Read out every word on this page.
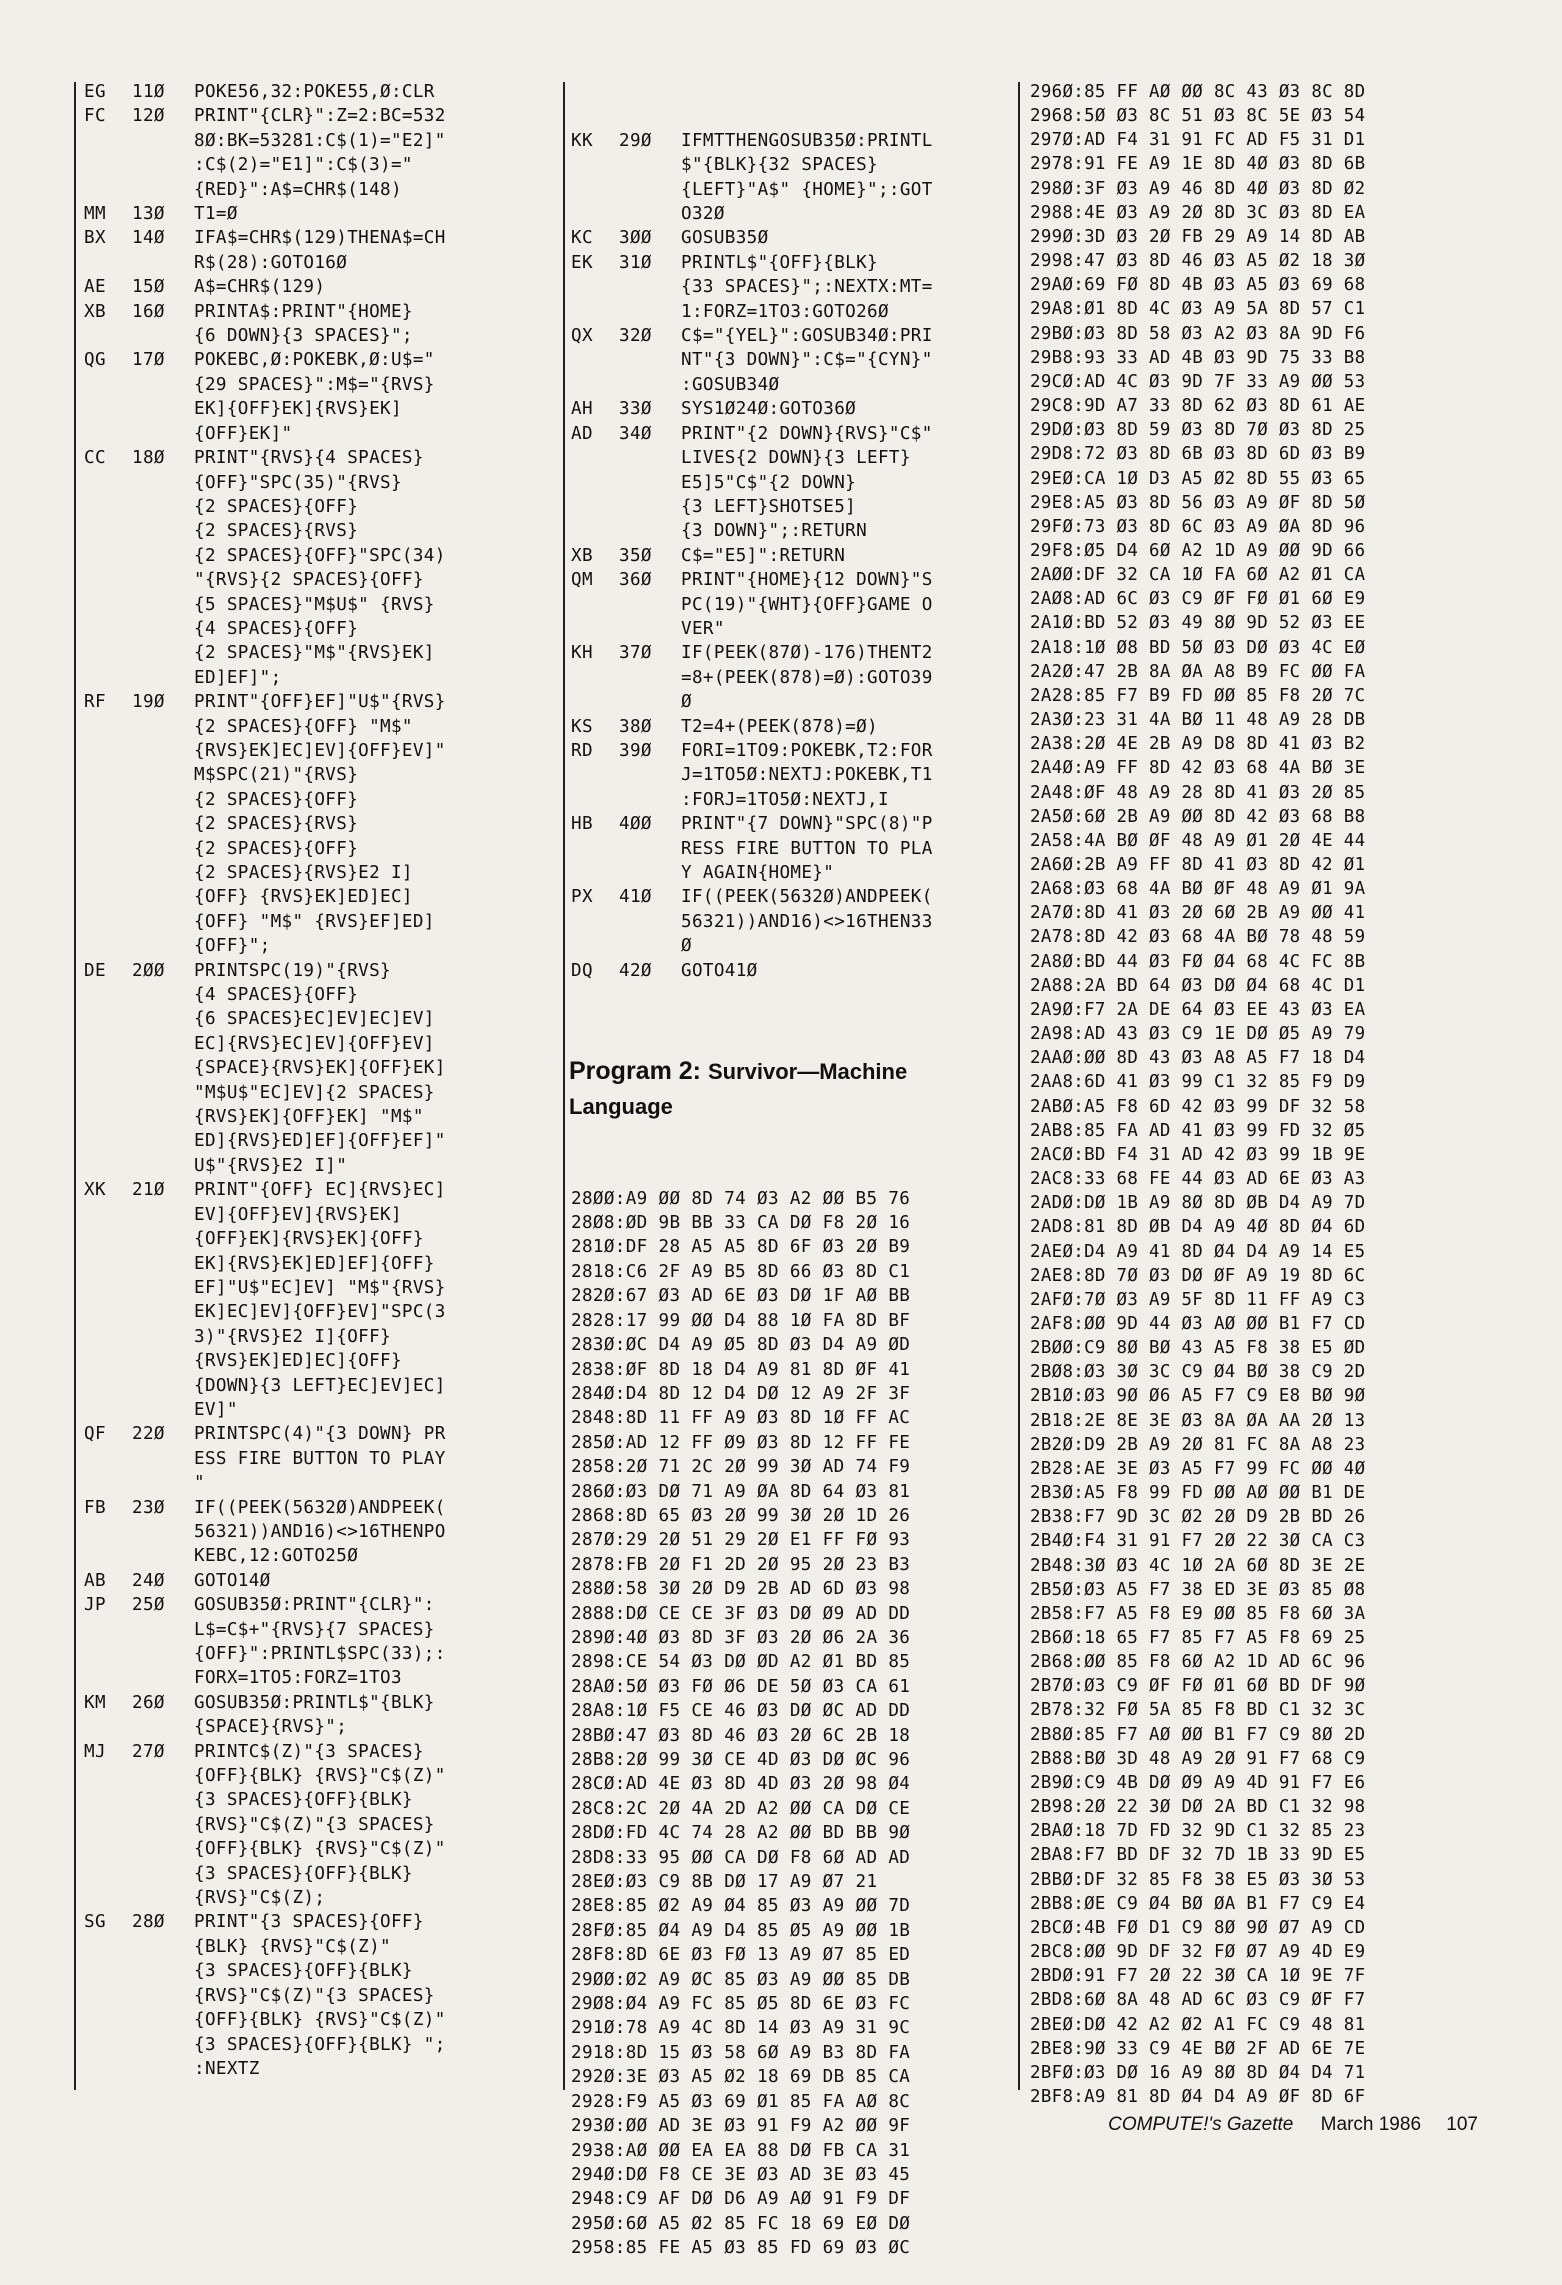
EG	11Ø	POKE56,32:POKE55,Ø:CLR
FC	12Ø	PRINT"{CLR}":Z=2:BC=532
8Ø:BK=53281:C$(1)="E2]"
:C$(2)="E1]":C$(3)="
{RED}":A$=CHR$(148)
MM	13Ø	T1=Ø
BX	14Ø	IFA$=CHR$(129)THENA$=CH
R$(28):GOTO16Ø
AE	15Ø	A$=CHR$(129)
XB	16Ø	PRINTA$:PRINT"{HOME}
{6 DOWN}{3 SPACES}";
QG	17Ø	POKEBC,Ø:POKEBK,Ø:U$="
{29 SPACES}":M$="{RVS}
EK]{OFF}EK]{RVS}EK]
{OFF}EK]"
CC	18Ø	PRINT"{RVS}{4 SPACES}
{OFF}"SPC(35)"{RVS}
{2 SPACES}{OFF}
{2 SPACES}{RVS}
{2 SPACES}{OFF}"SPC(34)
"{RVS}{2 SPACES}{OFF}
{5 SPACES}"M$U$" {RVS}
{4 SPACES}{OFF}
{2 SPACES}"M$"{RVS}EK]
ED]EF]";
RF	19Ø	PRINT"{OFF}EF]"U$"{RVS}
{2 SPACES}{OFF} "M$"
{RVS}EK]EC]EV]{OFF}EV]"
M$SPC(21)"{RVS}
{2 SPACES}{OFF}
{2 SPACES}{RVS}
{2 SPACES}{OFF}
{2 SPACES}{RVS}E2 I]
{OFF} {RVS}EK]ED]EC]
{OFF} "M$" {RVS}EF]ED]
{OFF}";
DE	2ØØ	PRINTSPC(19)"{RVS}
{4 SPACES}{OFF}
{6 SPACES}EC]EV]EC]EV]
EC]{RVS}EC]EV]{OFF}EV]
{SPACE}{RVS}EK]{OFF}EK]
"M$U$"EC]EV]{2 SPACES}
{RVS}EK]{OFF}EK] "M$"
ED]{RVS}ED]EF]{OFF}EF]"
U$"{RVS}E2 I]"
XK	21Ø	PRINT"{OFF} EC]{RVS}EC]
EV]{OFF}EV]{RVS}EK]
{OFF}EK]{RVS}EK]{OFF}
EK]{RVS}EK]ED]EF]{OFF}
EF]"U$"EC]EV] "M$"{RVS}
EK]EC]EV]{OFF}EV]"SPC(3
3)"{RVS}E2 I]{OFF}
{RVS}EK]ED]EC]{OFF}
{DOWN}{3 LEFT}EC]EV]EC]
EV]"
QF	22Ø	PRINTSPC(4)"{3 DOWN} PR
ESS FIRE BUTTON TO PLAY
"
FB	23Ø	IF((PEEK(5632Ø)ANDPEEK(
56321))AND16)<>16THENPO
KEBC,12:GOTO25Ø
AB	24Ø	GOTO14Ø
JP	25Ø	GOSUB35Ø:PRINT"{CLR}":
L$=C$+"{RVS}{7 SPACES}
{OFF}":PRINTL$SPC(33);:
FORX=1TO5:FORZ=1TO3
KM	26Ø	GOSUB35Ø:PRINTL$"{BLK}
{SPACE}{RVS}";
MJ	27Ø	PRINTC$(Z)"{3 SPACES}
{OFF}{BLK} {RVS}"C$(Z)"
{3 SPACES}{OFF}{BLK}
{RVS}"C$(Z)"{3 SPACES}
{OFF}{BLK} {RVS}"C$(Z)"
{3 SPACES}{OFF}{BLK}
{RVS}"C$(Z);
SG	28Ø	PRINT"{3 SPACES}{OFF}
{BLK} {RVS}"C$(Z)"
{3 SPACES}{OFF}{BLK}
{RVS}"C$(Z)"{3 SPACES}
{OFF}{BLK} {RVS}"C$(Z)"
{3 SPACES}{OFF}{BLK} ";
:NEXTZ

KK	29Ø	IFMTTHENGOSUB35Ø:PRINTL
$"{BLK}{32 SPACES}
{LEFT}"A$" {HOME}";:GOT
O32Ø
KC	3ØØ	GOSUB35Ø
EK	31Ø	PRINTL$"{OFF}{BLK}
{33 SPACES}";:NEXTX:MT=
1:FORZ=1TO3:GOTO26Ø
QX	32Ø	C$="{YEL}":GOSUB34Ø:PRI
NT"{3 DOWN}":C$="{CYN}"
:GOSUB34Ø
AH	33Ø	SYS1Ø24Ø:GOTO36Ø
AD	34Ø	PRINT"{2 DOWN}{RVS}"C$"
LIVES{2 DOWN}{3 LEFT}
E5]5"C$"{2 DOWN}
{3 LEFT}SHOTSE5]
{3 DOWN}";:RETURN
XB	35Ø	C$="E5]":RETURN
QM	36Ø	PRINT"{HOME}{12 DOWN}"S
PC(19)"{WHT}{OFF}GAME O
VER"
KH	37Ø	IF(PEEK(87Ø)-176)THENT2
=8+(PEEK(878)=Ø):GOTO39
Ø
KS	38Ø	T2=4+(PEEK(878)=Ø)
RD	39Ø	FORI=1TO9:POKEBK,T2:FOR
J=1TO5Ø:NEXTJ:POKEBK,T1
:FORJ=1TO5Ø:NEXTJ,I
HB	4ØØ	PRINT"{7 DOWN}"SPC(8)"P
RESS FIRE BUTTON TO PLA
Y AGAIN{HOME}"
PX	41Ø	IF((PEEK(5632Ø)ANDPEEK(
56321))AND16)<>16THEN33
Ø
DQ	42Ø	GOTO41Ø

Program 2: Survivor—Machine Language

28ØØ:A9 ØØ 8D 74 Ø3 A2 ØØ B5 76
28Ø8:ØD 9B BB 33 CA DØ F8 2Ø 16
281Ø:DF 28 A5 A5 8D 6F Ø3 2Ø B9
2818:C6 2F A9 B5 8D 66 Ø3 8D C1
282Ø:67 Ø3 AD 6E Ø3 DØ 1F AØ BB
2828:17 99 ØØ D4 88 1Ø FA 8D BF
283Ø:ØC D4 A9 Ø5 8D Ø3 D4 A9 ØD
2838:ØF 8D 18 D4 A9 81 8D ØF 41
284Ø:D4 8D 12 D4 DØ 12 A9 2F 3F
2848:8D 11 FF A9 Ø3 8D 1Ø FF AC
285Ø:AD 12 FF Ø9 Ø3 8D 12 FF FE
2858:2Ø 71 2C 2Ø 99 3Ø AD 74 F9
286Ø:Ø3 DØ 71 A9 ØA 8D 64 Ø3 81
2868:8D 65 Ø3 2Ø 99 3Ø 2Ø 1D 26
287Ø:29 2Ø 51 29 2Ø E1 FF FØ 93
2878:FB 2Ø F1 2D 2Ø 95 2Ø 23 B3
288Ø:58 3Ø 2Ø D9 2B AD 6D Ø3 98
2888:DØ CE CE 3F Ø3 DØ Ø9 AD DD
289Ø:4Ø Ø3 8D 3F Ø3 2Ø Ø6 2A 36
2898:CE 54 Ø3 DØ ØD A2 Ø1 BD 85
28AØ:5Ø Ø3 FØ Ø6 DE 5Ø Ø3 CA 61
28A8:1Ø F5 CE 46 Ø3 DØ ØC AD DD
28BØ:47 Ø3 8D 46 Ø3 2Ø 6C 2B 18
28B8:2Ø 99 3Ø CE 4D Ø3 DØ ØC 96
28CØ:AD 4E Ø3 8D 4D Ø3 2Ø 98 Ø4
28C8:2C 2Ø 4A 2D A2 ØØ CA DØ CE
28DØ:FD 4C 74 28 A2 ØØ BD BB 9Ø
28D8:33 95 ØØ CA DØ F8 6Ø AD AD
28EØ:Ø3 C9 8B DØ 17 A9 Ø7 21
28E8:85 Ø2 A9 Ø4 85 Ø3 A9 ØØ 7D
28FØ:85 Ø4 A9 D4 85 Ø5 A9 ØØ 1B
28F8:8D 6E Ø3 FØ 13 A9 Ø7 85 ED
29ØØ:Ø2 A9 ØC 85 Ø3 A9 ØØ 85 DB
29Ø8:Ø4 A9 FC 85 Ø5 8D 6E Ø3 FC
291Ø:78 A9 4C 8D 14 Ø3 A9 31 9C
2918:8D 15 Ø3 58 6Ø A9 B3 8D FA
292Ø:3E Ø3 A5 Ø2 18 69 DB 85 CA
2928:F9 A5 Ø3 69 Ø1 85 FA AØ 8C
293Ø:ØØ AD 3E Ø3 91 F9 A2 ØØ 9F
2938:AØ ØØ EA EA 88 DØ FB CA 31
294Ø:DØ F8 CE 3E Ø3 AD 3E Ø3 45
2948:C9 AF DØ D6 A9 AØ 91 F9 DF
295Ø:6Ø A5 Ø2 85 FC 18 69 EØ DØ
2958:85 FE A5 Ø3 85 FD 69 Ø3 ØC

296Ø:85 FF AØ ØØ 8C 43 Ø3 8C 8D
2968:5Ø Ø3 8C 51 Ø3 8C 5E Ø3 54
297Ø:AD F4 31 91 FC AD F5 31 D1
2978:91 FE A9 1E 8D 4Ø Ø3 8D 6B
298Ø:3F Ø3 A9 46 8D 4Ø Ø3 8D Ø2
2988:4E Ø3 A9 2Ø 8D 3C Ø3 8D EA
299Ø:3D Ø3 2Ø FB 29 A9 14 8D AB
2998:47 Ø3 8D 46 Ø3 A5 Ø2 18 3Ø
29AØ:69 FØ 8D 4B Ø3 A5 Ø3 69 68
29A8:Ø1 8D 4C Ø3 A9 5A 8D 57 C1
29BØ:Ø3 8D 58 Ø3 A2 Ø3 8A 9D F6
29B8:93 33 AD 4B Ø3 9D 75 33 B8
29CØ:AD 4C Ø3 9D 7F 33 A9 ØØ 53
29C8:9D A7 33 8D 62 Ø3 8D 61 AE
29DØ:Ø3 8D 59 Ø3 8D 7Ø Ø3 8D 25
29D8:72 Ø3 8D 6B Ø3 8D 6D Ø3 B9
29EØ:CA 1Ø D3 A5 Ø2 8D 55 Ø3 65
29E8:A5 Ø3 8D 56 Ø3 A9 ØF 8D 5Ø
29FØ:73 Ø3 8D 6C Ø3 A9 ØA 8D 96
29F8:Ø5 D4 6Ø A2 1D A9 ØØ 9D 66
2AØØ:DF 32 CA 1Ø FA 6Ø A2 Ø1 CA
2AØ8:AD 6C Ø3 C9 ØF FØ Ø1 6Ø E9
2A1Ø:BD 52 Ø3 49 8Ø 9D 52 Ø3 EE
2A18:1Ø Ø8 BD 5Ø Ø3 DØ Ø3 4C EØ
2A2Ø:47 2B 8A ØA A8 B9 FC ØØ FA
2A28:85 F7 B9 FD ØØ 85 F8 2Ø 7C
2A3Ø:23 31 4A BØ 11 48 A9 28 DB
2A38:2Ø 4E 2B A9 D8 8D 41 Ø3 B2
2A4Ø:A9 FF 8D 42 Ø3 68 4A BØ 3E
2A48:ØF 48 A9 28 8D 41 Ø3 2Ø 85
2A5Ø:6Ø 2B A9 ØØ 8D 42 Ø3 68 B8
2A58:4A BØ ØF 48 A9 Ø1 2Ø 4E 44
2A6Ø:2B A9 FF 8D 41 Ø3 8D 42 Ø1
2A68:Ø3 68 4A BØ ØF 48 A9 Ø1 9A
2A7Ø:8D 41 Ø3 2Ø 6Ø 2B A9 ØØ 41
2A78:8D 42 Ø3 68 4A BØ 78 48 59
2A8Ø:BD 44 Ø3 FØ Ø4 68 4C FC 8B
2A88:2A BD 64 Ø3 DØ Ø4 68 4C D1
2A9Ø:F7 2A DE 64 Ø3 EE 43 Ø3 EA
2A98:AD 43 Ø3 C9 1E DØ Ø5 A9 79
2AAØ:ØØ 8D 43 Ø3 A8 A5 F7 18 D4
2AA8:6D 41 Ø3 99 C1 32 85 F9 D9
2ABØ:A5 F8 6D 42 Ø3 99 DF 32 58
2AB8:85 FA AD 41 Ø3 99 FD 32 Ø5
2ACØ:BD F4 31 AD 42 Ø3 99 1B 9E
2AC8:33 68 FE 44 Ø3 AD 6E Ø3 A3
2ADØ:DØ 1B A9 8Ø 8D ØB D4 A9 7D
2AD8:81 8D ØB D4 A9 4Ø 8D Ø4 6D
2AEØ:D4 A9 41 8D Ø4 D4 A9 14 E5
2AE8:8D 7Ø Ø3 DØ ØF A9 19 8D 6C
2AFØ:7Ø Ø3 A9 5F 8D 11 FF A9 C3
2AF8:ØØ 9D 44 Ø3 AØ ØØ B1 F7 CD
2BØØ:C9 8Ø BØ 43 A5 F8 38 E5 ØD
2BØ8:Ø3 3Ø 3C C9 Ø4 BØ 38 C9 2D
2B1Ø:Ø3 9Ø Ø6 A5 F7 C9 E8 BØ 9Ø
2B18:2E 8E 3E Ø3 8A ØA AA 2Ø 13
2B2Ø:D9 2B A9 2Ø 81 FC 8A A8 23
2B28:AE 3E Ø3 A5 F7 99 FC ØØ 4Ø
2B3Ø:A5 F8 99 FD ØØ AØ ØØ B1 DE
2B38:F7 9D 3C Ø2 2Ø D9 2B BD 26
2B4Ø:F4 31 91 F7 2Ø 22 3Ø CA C3
2B48:3Ø Ø3 4C 1Ø 2A 6Ø 8D 3E 2E
2B5Ø:Ø3 A5 F7 38 ED 3E Ø3 85 Ø8
2B58:F7 A5 F8 E9 ØØ 85 F8 6Ø 3A
2B6Ø:18 65 F7 85 F7 A5 F8 69 25
2B68:ØØ 85 F8 6Ø A2 1D AD 6C 96
2B7Ø:Ø3 C9 ØF FØ Ø1 6Ø BD DF 9Ø
2B78:32 FØ 5A 85 F8 BD C1 32 3C
2B8Ø:85 F7 AØ ØØ B1 F7 C9 8Ø 2D
2B88:BØ 3D 48 A9 2Ø 91 F7 68 C9
2B9Ø:C9 4B DØ Ø9 A9 4D 91 F7 E6
2B98:2Ø 22 3Ø DØ 2A BD C1 32 98
2BAØ:18 7D FD 32 9D C1 32 85 23
2BA8:F7 BD DF 32 7D 1B 33 9D E5
2BBØ:DF 32 85 F8 38 E5 Ø3 3Ø 53
2BB8:ØE C9 Ø4 BØ ØA B1 F7 C9 E4
2BCØ:4B FØ D1 C9 8Ø 9Ø Ø7 A9 CD
2BC8:ØØ 9D DF 32 FØ Ø7 A9 4D E9
2BDØ:91 F7 2Ø 22 3Ø CA 1Ø 9E 7F
2BD8:6Ø 8A 48 AD 6C Ø3 C9 ØF F7
2BEØ:DØ 42 A2 Ø2 A1 FC C9 48 81
2BE8:9Ø 33 C9 4E BØ 2F AD 6E 7E
2BFØ:Ø3 DØ 16 A9 8Ø 8D Ø4 D4 71
2BF8:A9 81 8D Ø4 D4 A9 ØF 8D 6F
COMPUTE!'s Gazette March 1986 107
